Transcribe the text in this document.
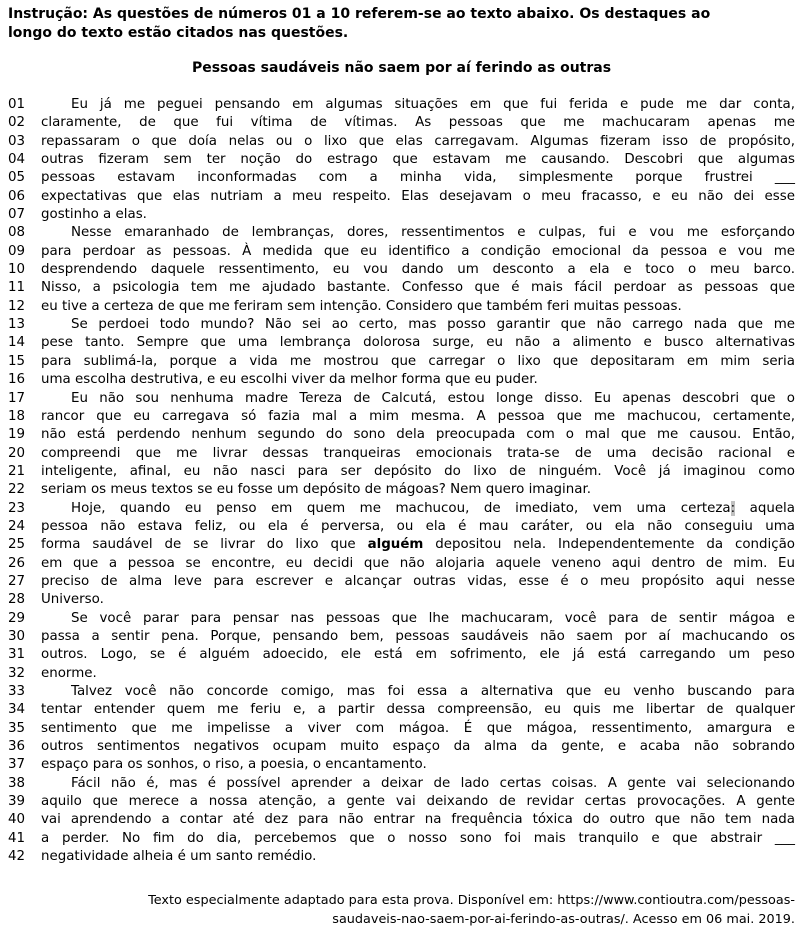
Instrução: As questões de números 01 a 10 referem-se ao texto abaixo. Os destaques ao
longo do texto estão citados nas questões.
Pessoas saudáveis não saem por aí ferindo as outras
01	Eu já me peguei pensando em algumas situações em que fui ferida e pude me dar conta,
02	claramente, de que fui vítima de vítimas. As pessoas que me machucaram apenas me
03	repassaram o que doía nelas ou o lixo que elas carregavam. Algumas fizeram isso de propósito,
04	outras fizeram sem ter noção do estrago que estavam me causando. Descobri que algumas
05	pessoas estavam inconformadas com a minha vida, simplesmente porque frustrei ___
06	expectativas que elas nutriam a meu respeito. Elas desejavam o meu fracasso, e eu não dei esse
07	gostinho a elas.
08	Nesse emaranhado de lembranças, dores, ressentimentos e culpas, fui e vou me esforçando
09	para perdoar as pessoas. À medida que eu identifico a condição emocional da pessoa e vou me
10	desprendendo daquele ressentimento, eu vou dando um desconto a ela e toco o meu barco.
11	Nisso, a psicologia tem me ajudado bastante. Confesso que é mais fácil perdoar as pessoas que
12	eu tive a certeza de que me feriram sem intenção. Considero que também feri muitas pessoas.
13	Se perdoei todo mundo? Não sei ao certo, mas posso garantir que não carrego nada que me
14	pese tanto. Sempre que uma lembrança dolorosa surge, eu não a alimento e busco alternativas
15	para sublimá-la, porque a vida me mostrou que carregar o lixo que depositaram em mim seria
16	uma escolha destrutiva, e eu escolhi viver da melhor forma que eu puder.
17	Eu não sou nenhuma madre Tereza de Calcutá, estou longe disso. Eu apenas descobri que o
18	rancor que eu carregava só fazia mal a mim mesma. A pessoa que me machucou, certamente,
19	não está perdendo nenhum segundo do sono dela preocupada com o mal que me causou. Então,
20	compreendi que me livrar dessas tranqueiras emocionais trata-se de uma decisão racional e
21	inteligente, afinal, eu não nasci para ser depósito do lixo de ninguém. Você já imaginou como
22	seriam os meus textos se eu fosse um depósito de mágoas? Nem quero imaginar.
23	Hoje, quando eu penso em quem me machucou, de imediato, vem uma certeza: aquela
24	pessoa não estava feliz, ou ela é perversa, ou ela é mau caráter, ou ela não conseguiu uma
25	forma saudável de se livrar do lixo que alguém depositou nela. Independentemente da condição
26	em que a pessoa se encontre, eu decidi que não alojaria aquele veneno aqui dentro de mim. Eu
27	preciso de alma leve para escrever e alcançar outras vidas, esse é o meu propósito aqui nesse
28	Universo.
29	Se você parar para pensar nas pessoas que lhe machucaram, você para de sentir mágoa e
30	passa a sentir pena. Porque, pensando bem, pessoas saudáveis não saem por aí machucando os
31	outros. Logo, se é alguém adoecido, ele está em sofrimento, ele já está carregando um peso
32	enorme.
33	Talvez você não concorde comigo, mas foi essa a alternativa que eu venho buscando para
34	tentar entender quem me feriu e, a partir dessa compreensão, eu quis me libertar de qualquer
35	sentimento que me impelisse a viver com mágoa. É que mágoa, ressentimento, amargura e
36	outros sentimentos negativos ocupam muito espaço da alma da gente, e acaba não sobrando
37	espaço para os sonhos, o riso, a poesia, o encantamento.
38	Fácil não é, mas é possível aprender a deixar de lado certas coisas. A gente vai selecionando
39	aquilo que merece a nossa atenção, a gente vai deixando de revidar certas provocações. A gente
40	vai aprendendo a contar até dez para não entrar na frequência tóxica do outro que não tem nada
41	a perder. No fim do dia, percebemos que o nosso sono foi mais tranquilo e que abstrair ___
42	negatividade alheia é um santo remédio.
Texto especialmente adaptado para esta prova. Disponível em: https://www.contioutra.com/pessoas-
saudaveis-nao-saem-por-ai-ferindo-as-outras/. Acesso em 06 mai. 2019.
